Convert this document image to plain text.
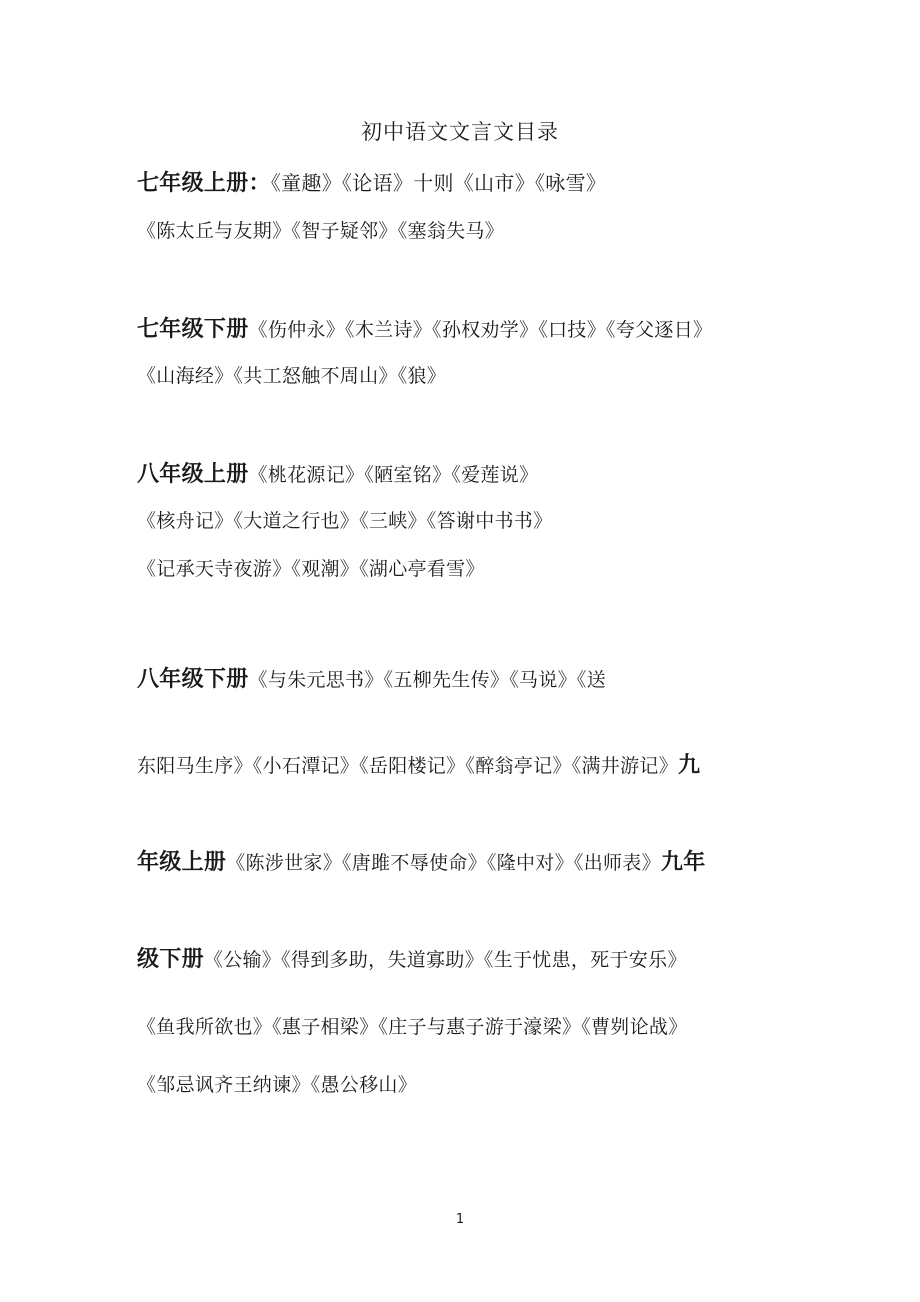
初中语文文言文目录
七年级上册：《童趣》《论语》十则《山市》《咏雪》
《陈太丘与友期》《智子疑邻》《塞翁失马》
七年级下册《伤仲永》《木兰诗》《孙权劝学》《口技》《夸父逐日》
《山海经》《共工怒触不周山》《狼》
八年级上册《桃花源记》《陋室铭》《爱莲说》
《核舟记》《大道之行也》《三峡》《答谢中书书》
《记承天寺夜游》《观潮》《湖心亭看雪》
八年级下册《与朱元思书》《五柳先生传》《马说》《送
东阳马生序》《小石潭记》《岳阳楼记》《醉翁亭记》《满井游记》九
年级上册《陈涉世家》《唐雎不辱使命》《隆中对》《出师表》九年
级下册《公输》《得到多助，失道寡助》《生于忧患，死于安乐》
《鱼我所欲也》《惠子相梁》《庄子与惠子游于濠梁》《曹刿论战》
《邹忌讽齐王纳谏》《愚公移山》
1
